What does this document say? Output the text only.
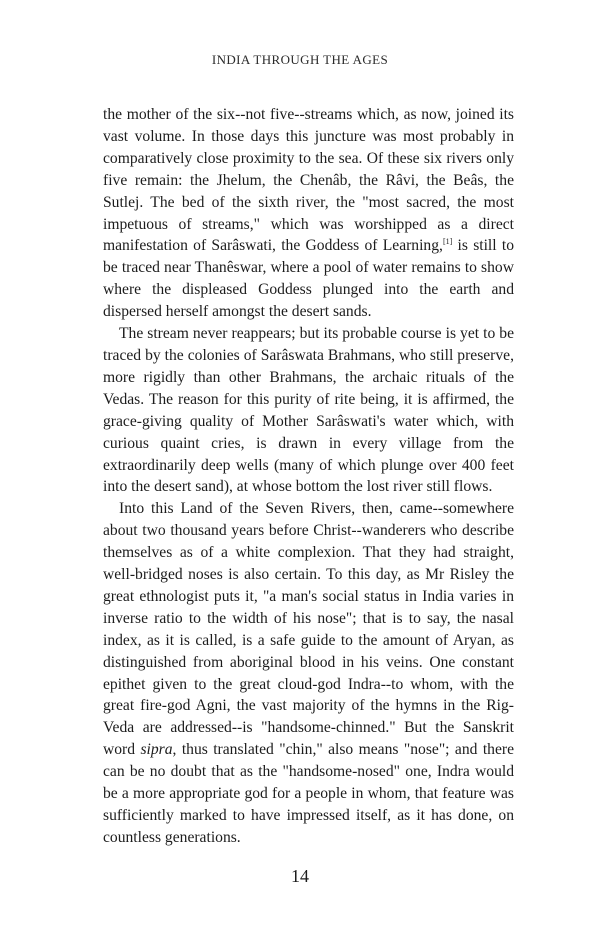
INDIA THROUGH THE AGES

the mother of the six--not five--streams which, as now, joined its vast volume. In those days this juncture was most probably in comparatively close proximity to the sea. Of these six rivers only five remain: the Jhelum, the Chenâb, the Râvi, the Beâs, the Sutlej. The bed of the sixth river, the "most sacred, the most impetuous of streams," which was worshipped as a direct manifestation of Sarâswati, the Goddess of Learning,[1] is still to be traced near Thanêswar, where a pool of water remains to show where the displeased Goddess plunged into the earth and dispersed herself amongst the desert sands.

The stream never reappears; but its probable course is yet to be traced by the colonies of Sarâswata Brahmans, who still preserve, more rigidly than other Brahmans, the archaic rituals of the Vedas. The reason for this purity of rite being, it is affirmed, the grace-giving quality of Mother Sarâswati's water which, with curious quaint cries, is drawn in every village from the extraordinarily deep wells (many of which plunge over 400 feet into the desert sand), at whose bottom the lost river still flows.

Into this Land of the Seven Rivers, then, came--somewhere about two thousand years before Christ--wanderers who describe themselves as of a white complexion. That they had straight, well-bridged noses is also certain. To this day, as Mr Risley the great ethnologist puts it, "a man's social status in India varies in inverse ratio to the width of his nose"; that is to say, the nasal index, as it is called, is a safe guide to the amount of Aryan, as distinguished from aboriginal blood in his veins. One constant epithet given to the great cloud-god Indra--to whom, with the great fire-god Agni, the vast majority of the hymns in the Rig-Veda are addressed--is "handsome-chinned." But the Sanskrit word sipra, thus translated "chin," also means "nose"; and there can be no doubt that as the "handsome-nosed" one, Indra would be a more appropriate god for a people in whom, that feature was sufficiently marked to have impressed itself, as it has done, on countless generations.

14
